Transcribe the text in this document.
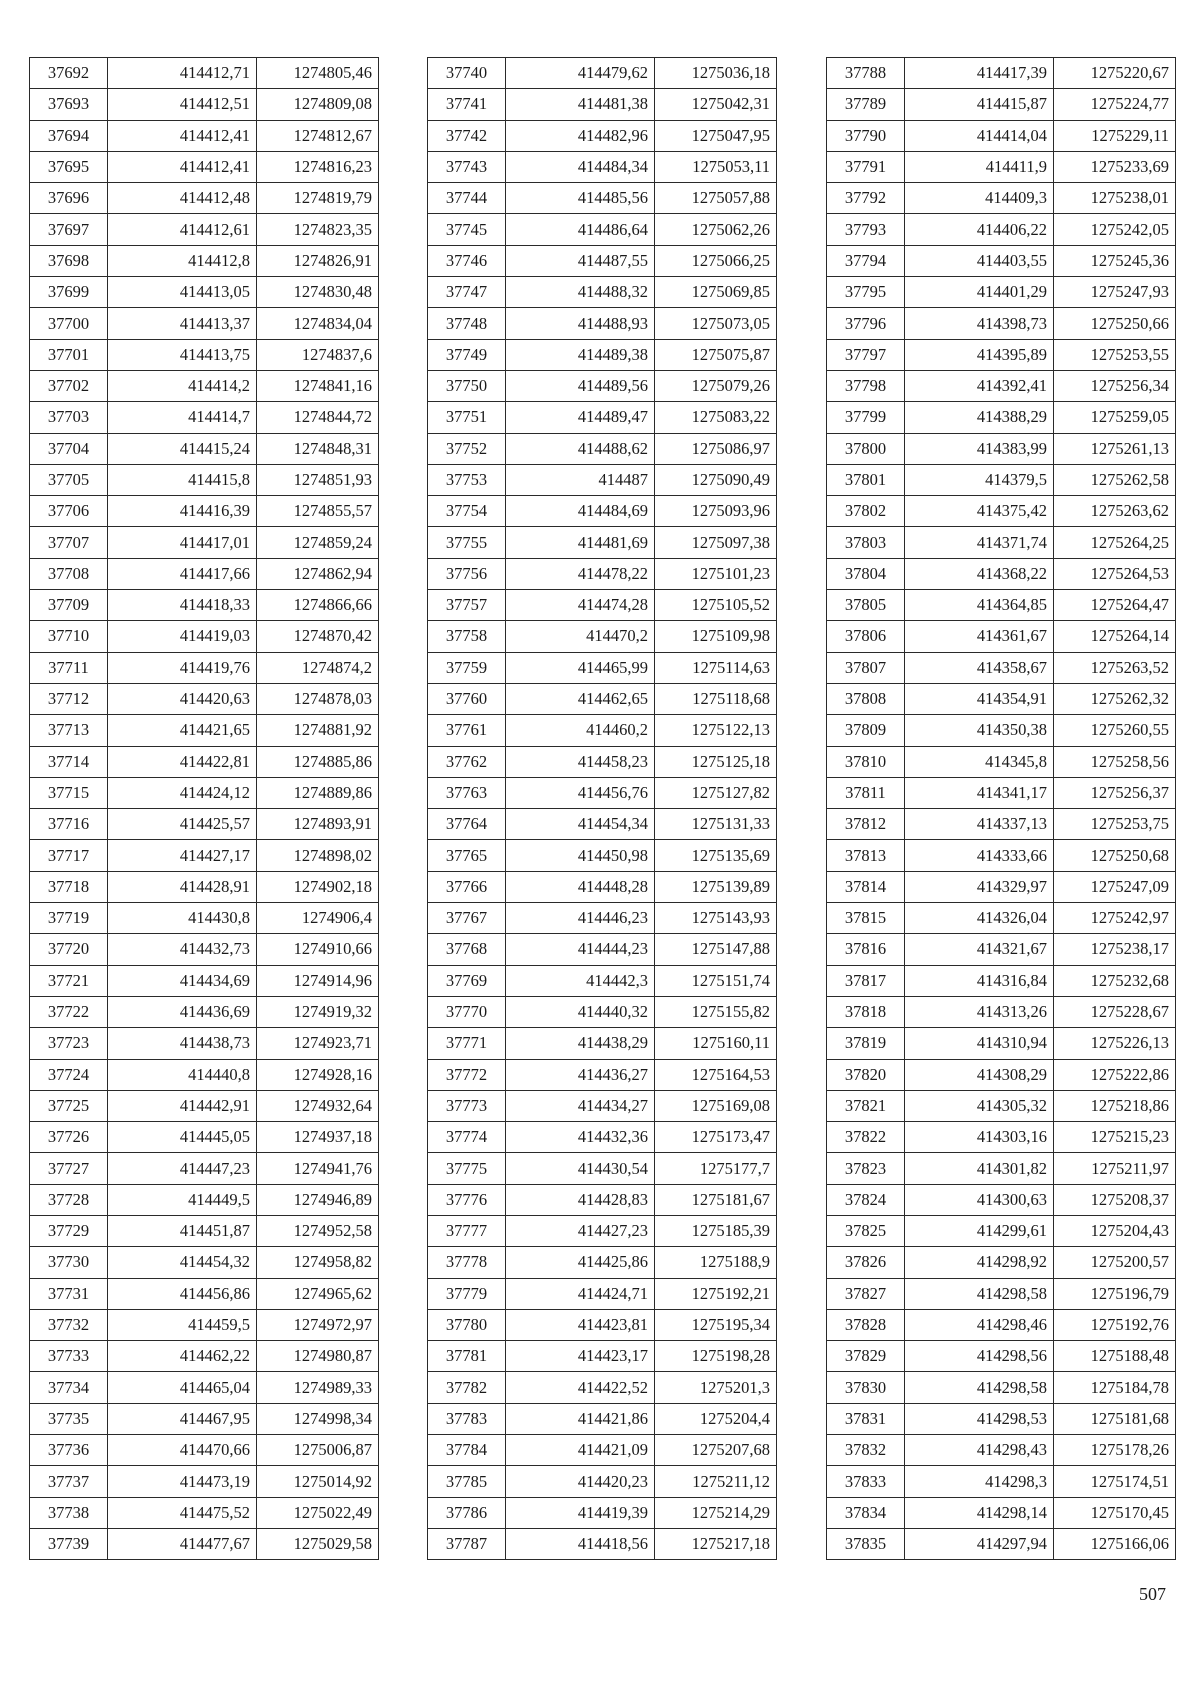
37692	414412,71	1274805,46
37693	414412,51	1274809,08
37694	414412,41	1274812,67
37695	414412,41	1274816,23
37696	414412,48	1274819,79
37697	414412,61	1274823,35
37698	414412,8	1274826,91
37699	414413,05	1274830,48
37700	414413,37	1274834,04
37701	414413,75	1274837,6
37702	414414,2	1274841,16
37703	414414,7	1274844,72
37704	414415,24	1274848,31
37705	414415,8	1274851,93
37706	414416,39	1274855,57
37707	414417,01	1274859,24
37708	414417,66	1274862,94
37709	414418,33	1274866,66
37710	414419,03	1274870,42
37711	414419,76	1274874,2
37712	414420,63	1274878,03
37713	414421,65	1274881,92
37714	414422,81	1274885,86
37715	414424,12	1274889,86
37716	414425,57	1274893,91
37717	414427,17	1274898,02
37718	414428,91	1274902,18
37719	414430,8	1274906,4
37720	414432,73	1274910,66
37721	414434,69	1274914,96
37722	414436,69	1274919,32
37723	414438,73	1274923,71
37724	414440,8	1274928,16
37725	414442,91	1274932,64
37726	414445,05	1274937,18
37727	414447,23	1274941,76
37728	414449,5	1274946,89
37729	414451,87	1274952,58
37730	414454,32	1274958,82
37731	414456,86	1274965,62
37732	414459,5	1274972,97
37733	414462,22	1274980,87
37734	414465,04	1274989,33
37735	414467,95	1274998,34
37736	414470,66	1275006,87
37737	414473,19	1275014,92
37738	414475,52	1275022,49
37739	414477,67	1275029,58
37740	414479,62	1275036,18
37741	414481,38	1275042,31
37742	414482,96	1275047,95
37743	414484,34	1275053,11
37744	414485,56	1275057,88
37745	414486,64	1275062,26
37746	414487,55	1275066,25
37747	414488,32	1275069,85
37748	414488,93	1275073,05
37749	414489,38	1275075,87
37750	414489,56	1275079,26
37751	414489,47	1275083,22
37752	414488,62	1275086,97
37753	414487	1275090,49
37754	414484,69	1275093,96
37755	414481,69	1275097,38
37756	414478,22	1275101,23
37757	414474,28	1275105,52
37758	414470,2	1275109,98
37759	414465,99	1275114,63
37760	414462,65	1275118,68
37761	414460,2	1275122,13
37762	414458,23	1275125,18
37763	414456,76	1275127,82
37764	414454,34	1275131,33
37765	414450,98	1275135,69
37766	414448,28	1275139,89
37767	414446,23	1275143,93
37768	414444,23	1275147,88
37769	414442,3	1275151,74
37770	414440,32	1275155,82
37771	414438,29	1275160,11
37772	414436,27	1275164,53
37773	414434,27	1275169,08
37774	414432,36	1275173,47
37775	414430,54	1275177,7
37776	414428,83	1275181,67
37777	414427,23	1275185,39
37778	414425,86	1275188,9
37779	414424,71	1275192,21
37780	414423,81	1275195,34
37781	414423,17	1275198,28
37782	414422,52	1275201,3
37783	414421,86	1275204,4
37784	414421,09	1275207,68
37785	414420,23	1275211,12
37786	414419,39	1275214,29
37787	414418,56	1275217,18
37788	414417,39	1275220,67
37789	414415,87	1275224,77
37790	414414,04	1275229,11
37791	414411,9	1275233,69
37792	414409,3	1275238,01
37793	414406,22	1275242,05
37794	414403,55	1275245,36
37795	414401,29	1275247,93
37796	414398,73	1275250,66
37797	414395,89	1275253,55
37798	414392,41	1275256,34
37799	414388,29	1275259,05
37800	414383,99	1275261,13
37801	414379,5	1275262,58
37802	414375,42	1275263,62
37803	414371,74	1275264,25
37804	414368,22	1275264,53
37805	414364,85	1275264,47
37806	414361,67	1275264,14
37807	414358,67	1275263,52
37808	414354,91	1275262,32
37809	414350,38	1275260,55
37810	414345,8	1275258,56
37811	414341,17	1275256,37
37812	414337,13	1275253,75
37813	414333,66	1275250,68
37814	414329,97	1275247,09
37815	414326,04	1275242,97
37816	414321,67	1275238,17
37817	414316,84	1275232,68
37818	414313,26	1275228,67
37819	414310,94	1275226,13
37820	414308,29	1275222,86
37821	414305,32	1275218,86
37822	414303,16	1275215,23
37823	414301,82	1275211,97
37824	414300,63	1275208,37
37825	414299,61	1275204,43
37826	414298,92	1275200,57
37827	414298,58	1275196,79
37828	414298,46	1275192,76
37829	414298,56	1275188,48
37830	414298,58	1275184,78
37831	414298,53	1275181,68
37832	414298,43	1275178,26
37833	414298,3	1275174,51
37834	414298,14	1275170,45
37835	414297,94	1275166,06
507
